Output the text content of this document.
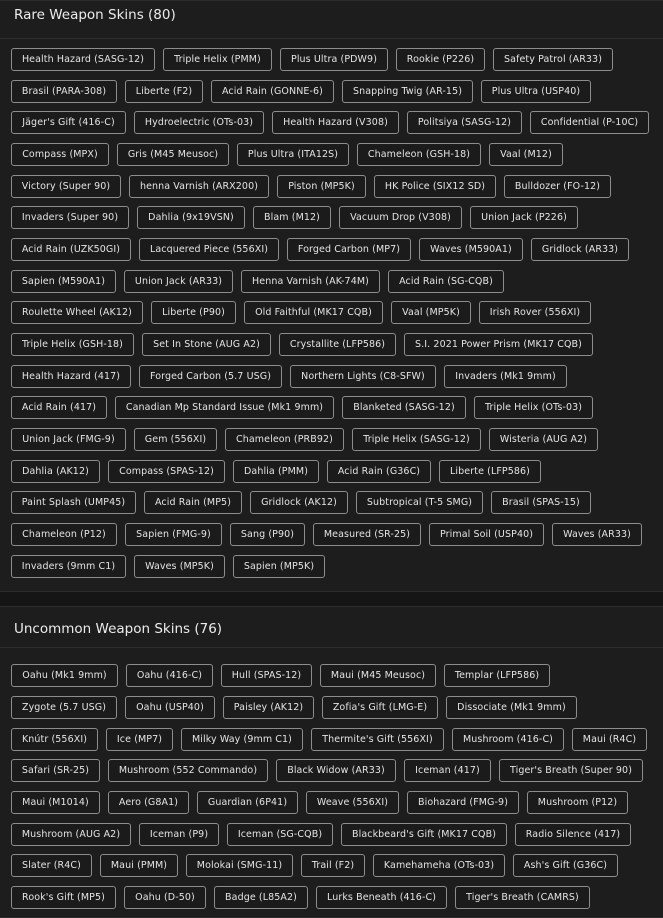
Rare Weapon Skins (80)
Health Hazard (SASG-12)	Triple Helix (PMM)	Plus Ultra (PDW9)	Rookie (P226)	Safety Patrol (AR33)
Brasil (PARA-308)	Liberte (F2)	Acid Rain (GONNE-6)	Snapping Twig (AR-15)	Plus Ultra (USP40)
Jäger's Gift (416-C)	Hydroelectric (OTs-03)	Health Hazard (V308)	Politsiya (SASG-12)	Confidential (P-10C)
Compass (MPX)	Gris (M45 Meusoc)	Plus Ultra (ITA12S)	Chameleon (GSH-18)	Vaal (M12)
Victory (Super 90)	henna Varnish (ARX200)	Piston (MP5K)	HK Police (SIX12 SD)	Bulldozer (FO-12)
Invaders (Super 90)	Dahlia (9x19VSN)	Blam (M12)	Vacuum Drop (V308)	Union Jack (P226)
Acid Rain (UZK50GI)	Lacquered Piece (556XI)	Forged Carbon (MP7)	Waves (M590A1)	Gridlock (AR33)
Sapien (M590A1)	Union Jack (AR33)	Henna Varnish (AK-74M)	Acid Rain (SG-CQB)
Roulette Wheel (AK12)	Liberte (P90)	Old Faithful (MK17 CQB)	Vaal (MP5K)	Irish Rover (556XI)
Triple Helix (GSH-18)	Set In Stone (AUG A2)	Crystallite (LFP586)	S.I. 2021 Power Prism (MK17 CQB)
Health Hazard (417)	Forged Carbon (5.7 USG)	Northern Lights (C8-SFW)	Invaders (Mk1 9mm)
Acid Rain (417)	Canadian Mp Standard Issue (Mk1 9mm)	Blanketed (SASG-12)	Triple Helix (OTs-03)
Union Jack (FMG-9)	Gem (556XI)	Chameleon (PRB92)	Triple Helix (SASG-12)	Wisteria (AUG A2)
Dahlia (AK12)	Compass (SPAS-12)	Dahlia (PMM)	Acid Rain (G36C)	Liberte (LFP586)
Paint Splash (UMP45)	Acid Rain (MP5)	Gridlock (AK12)	Subtropical (T-5 SMG)	Brasil (SPAS-15)
Chameleon (P12)	Sapien (FMG-9)	Sang (P90)	Measured (SR-25)	Primal Soil (USP40)	Waves (AR33)
Invaders (9mm C1)	Waves (MP5K)	Sapien (MP5K)
Uncommon Weapon Skins (76)
Oahu (Mk1 9mm)	Oahu (416-C)	Hull (SPAS-12)	Maui (M45 Meusoc)	Templar (LFP586)
Zygote (5.7 USG)	Oahu (USP40)	Paisley (AK12)	Zofia's Gift (LMG-E)	Dissociate (Mk1 9mm)
Knútr (556XI)	Ice (MP7)	Milky Way (9mm C1)	Thermite's Gift (556XI)	Mushroom (416-C)	Maui (R4C)
Safari (SR-25)	Mushroom (552 Commando)	Black Widow (AR33)	Iceman (417)	Tiger's Breath (Super 90)
Maui (M1014)	Aero (G8A1)	Guardian (6P41)	Weave (556XI)	Biohazard (FMG-9)	Mushroom (P12)
Mushroom (AUG A2)	Iceman (P9)	Iceman (SG-CQB)	Blackbeard's Gift (MK17 CQB)	Radio Silence (417)
Slater (R4C)	Maui (PMM)	Molokai (SMG-11)	Trail (F2)	Kamehameha (OTs-03)	Ash's Gift (G36C)
Rook's Gift (MP5)	Oahu (D-50)	Badge (L85A2)	Lurks Beneath (416-C)	Tiger's Breath (CAMRS)
